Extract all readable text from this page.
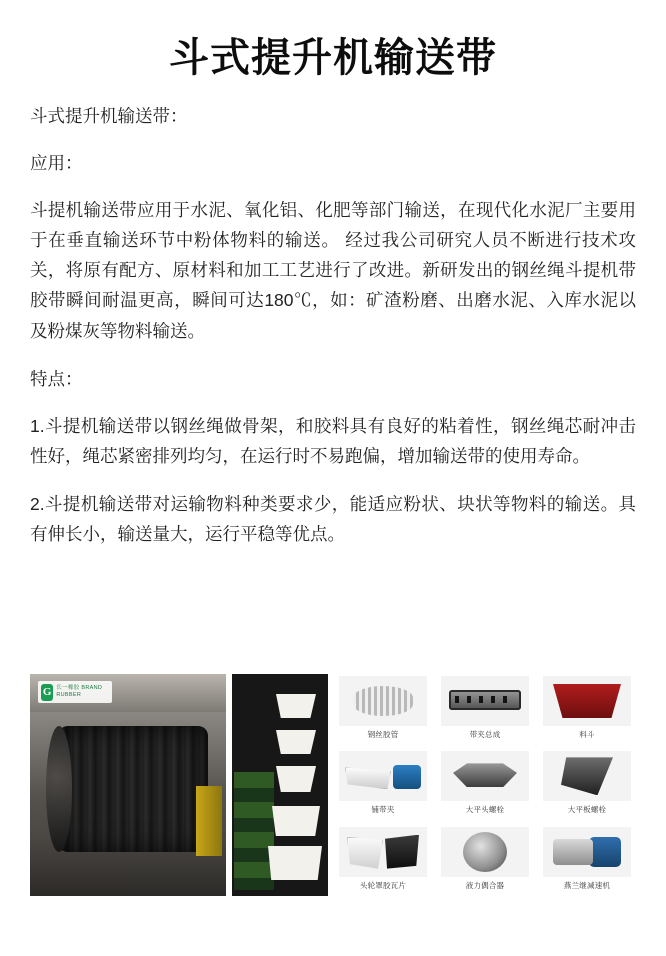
斗式提升机输送带

斗式提升机输送带：

应用：

斗提机输送带应用于水泥、氧化铝、化肥等部门输送，在现代化水泥厂主要用于在垂直输送环节中粉体物料的输送。 经过我公司研究人员不断进行技术攻关，将原有配方、原材料和加工工艺进行了改进。新研发出的钢丝绳斗提机带胶带瞬间耐温更高，瞬间可达180℃，如：矿渣粉磨、出磨水泥、入库水泥以及粉煤灰等物料输送。

特点：

1.斗提机输送带以钢丝绳做骨架，和胶料具有良好的粘着性，钢丝绳芯耐冲击性好，绳芯紧密排列均匀，在运行时不易跑偏，增加输送带的使用寿命。

2.斗提机输送带对运输物料种类要求少，能适应粉状、块状等物料的输送。具有伸长小，输送量大，运行平稳等优点。

G 长一橡胶 BRAND RUBBER
钢丝胶管	带夹总成	料斗
铺带夹	大平头螺栓	大平板螺栓
头轮罩胶瓦片	液力偶合器	燕兰继减速机
